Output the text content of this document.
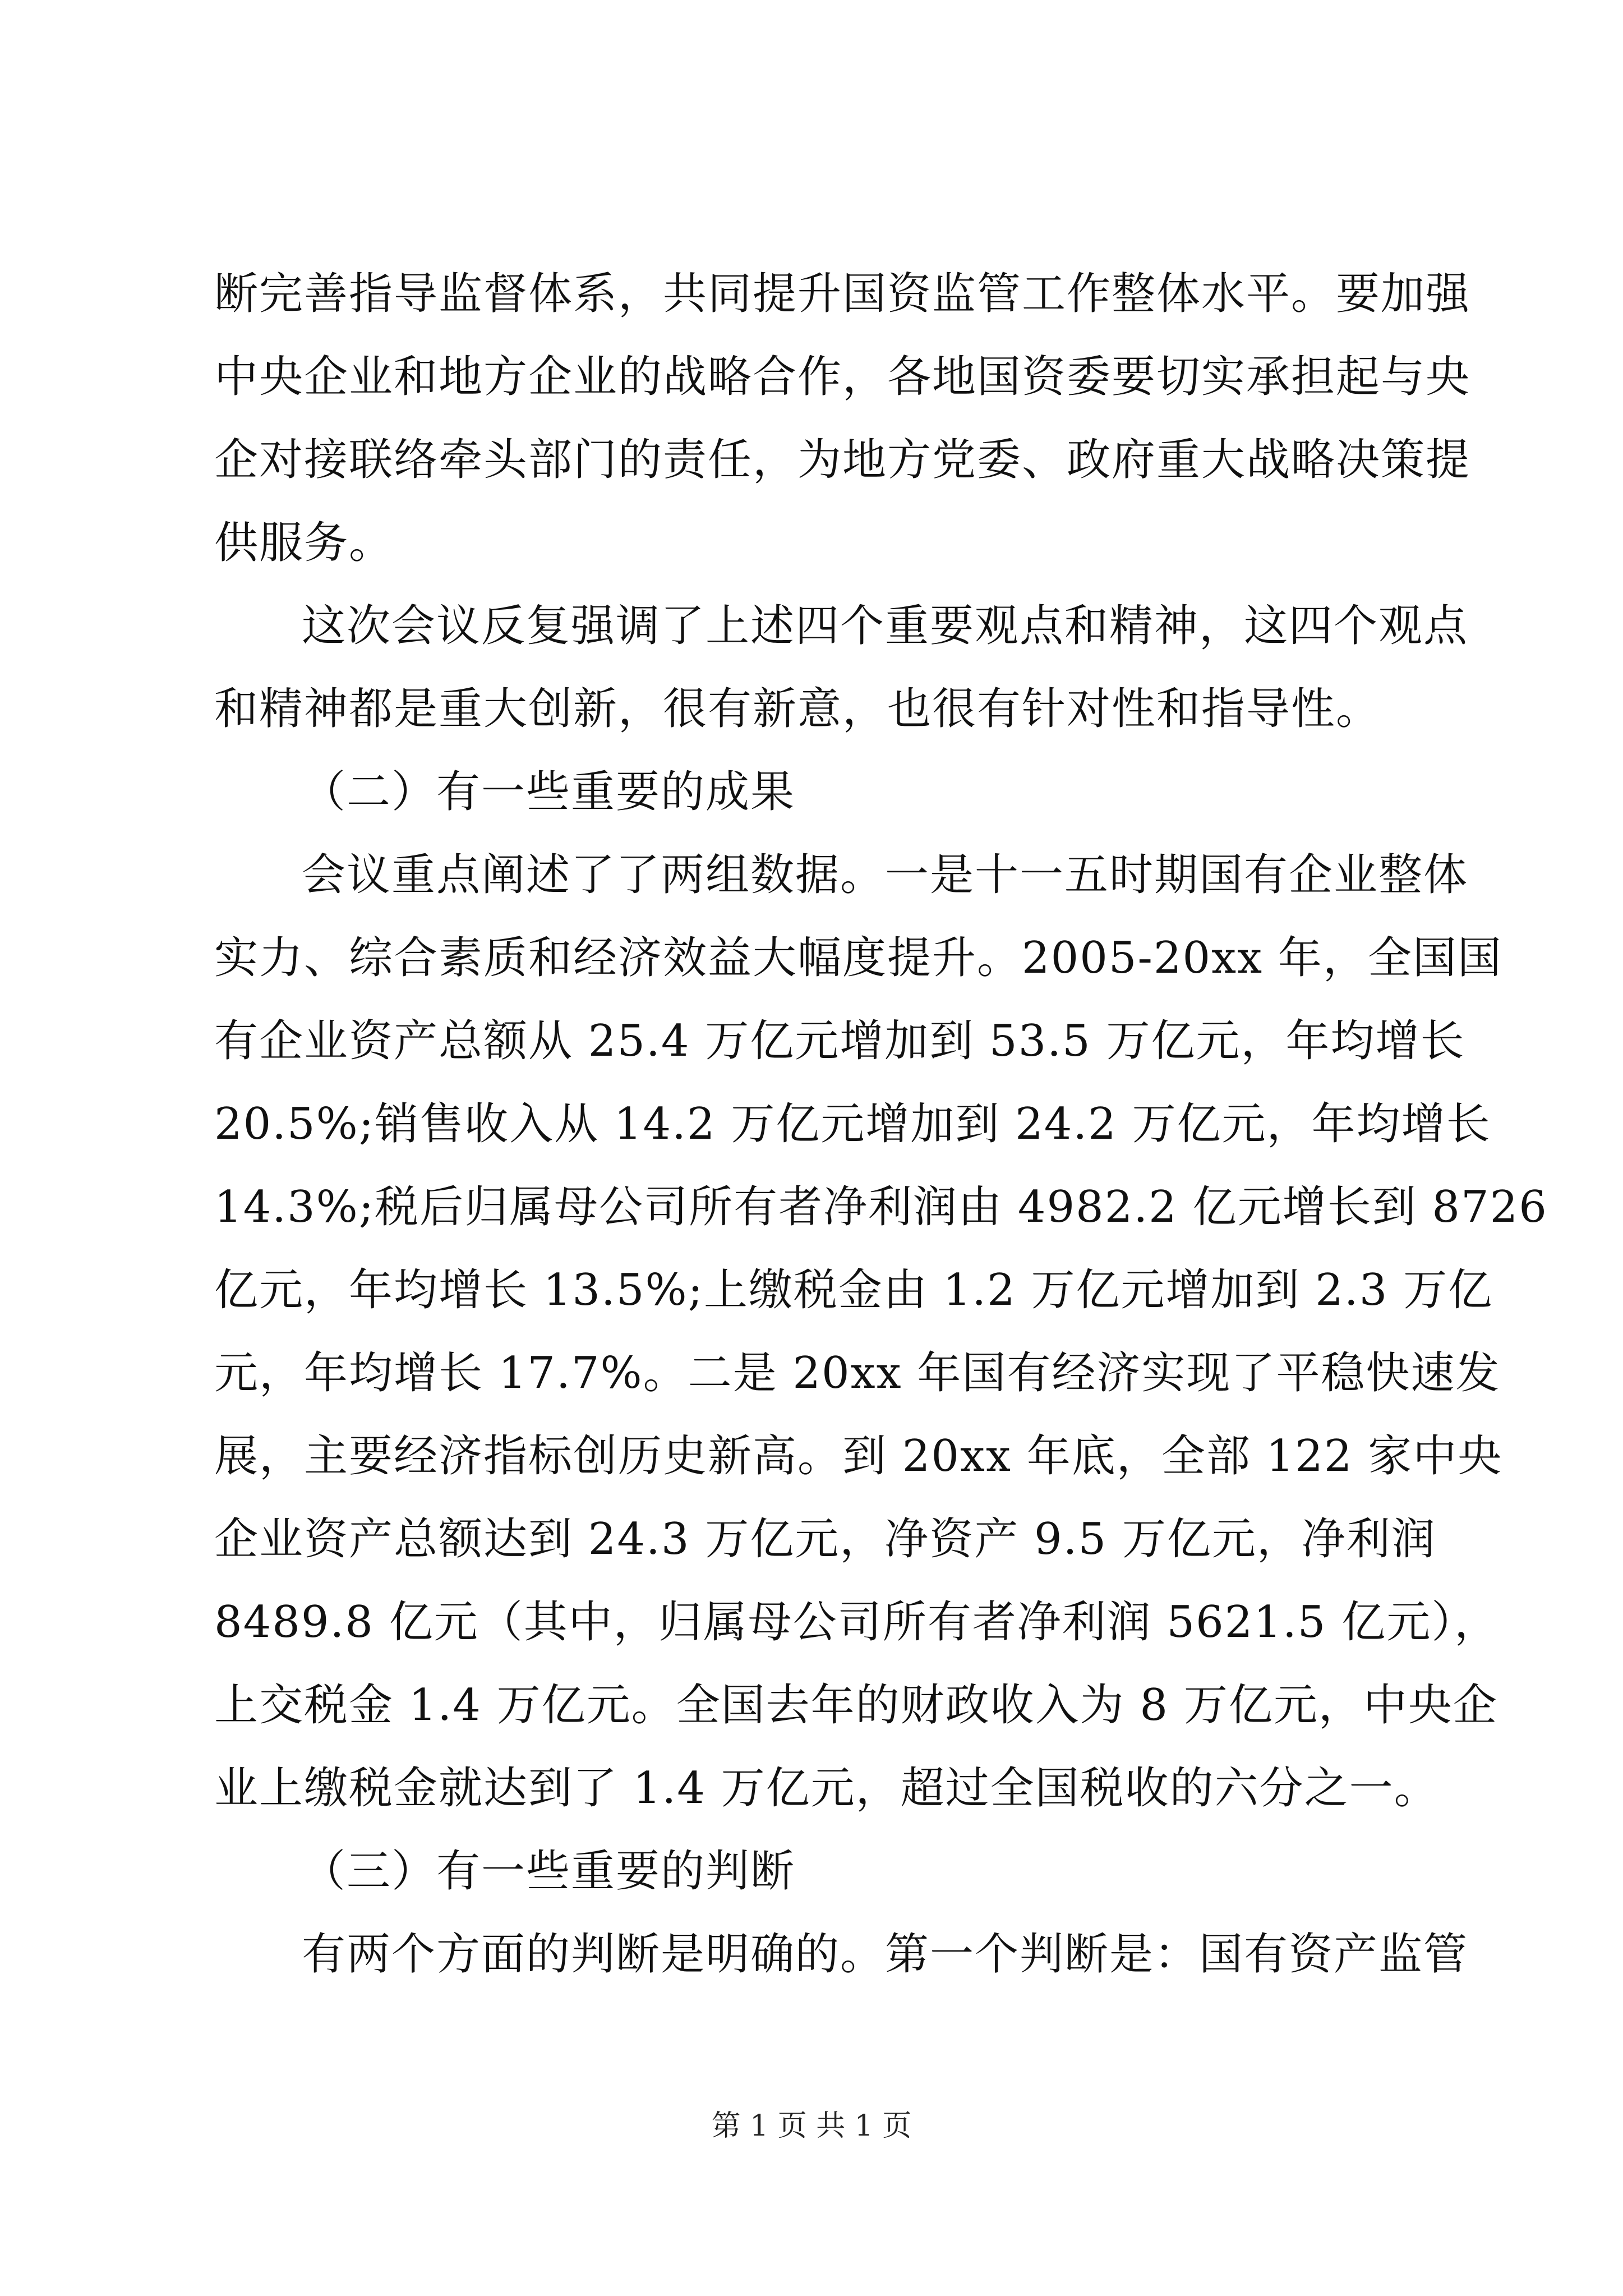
断完善指导监督体系，共同提升国资监管工作整体水平。要加强
中央企业和地方企业的战略合作，各地国资委要切实承担起与央
企对接联络牵头部门的责任，为地方党委、政府重大战略决策提
供服务。
这次会议反复强调了上述四个重要观点和精神，这四个观点
和精神都是重大创新，很有新意，也很有针对性和指导性。
（二）有一些重要的成果
会议重点阐述了了两组数据。一是十一五时期国有企业整体
实力、综合素质和经济效益大幅度提升。2005-20xx 年，全国国
有企业资产总额从 25.4 万亿元增加到 53.5 万亿元，年均增长
20.5%;销售收入从 14.2 万亿元增加到 24.2 万亿元，年均增长
14.3%;税后归属母公司所有者净利润由 4982.2 亿元增长到 8726
亿元，年均增长 13.5%;上缴税金由 1.2 万亿元增加到 2.3 万亿
元，年均增长 17.7%。二是 20xx 年国有经济实现了平稳快速发
展，主要经济指标创历史新高。到 20xx 年底，全部 122 家中央
企业资产总额达到 24.3 万亿元，净资产 9.5 万亿元，净利润
8489.8 亿元（其中，归属母公司所有者净利润 5621.5 亿元），
上交税金 1.4 万亿元。全国去年的财政收入为 8 万亿元，中央企
业上缴税金就达到了 1.4 万亿元，超过全国税收的六分之一。
（三）有一些重要的判断
有两个方面的判断是明确的。第一个判断是：国有资产监管
第 1 页 共 1 页
